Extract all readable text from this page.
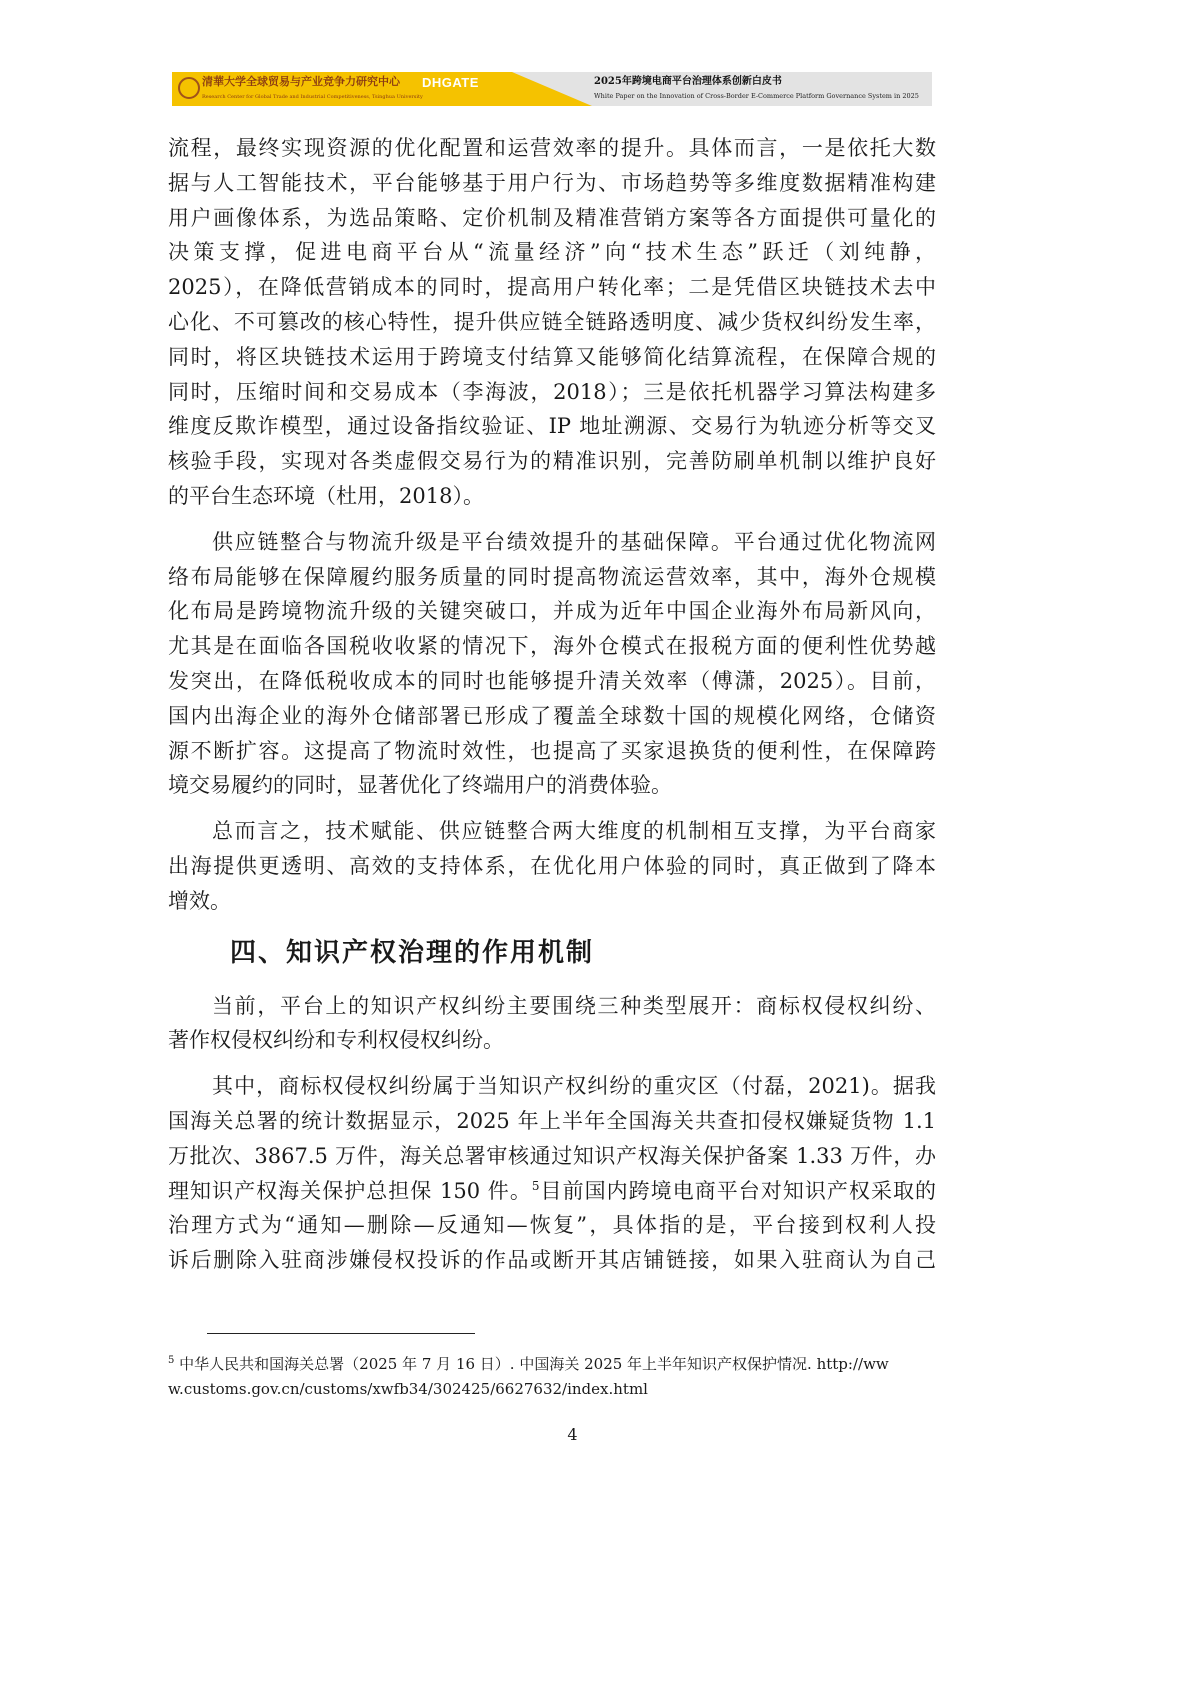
清華大学全球贸易与产业竞争力研究中心
Research Center for Global Trade and Industrial Competitiveness, Tsinghua University
DHGATE	2025年跨境电商平台治理体系创新白皮书
White Paper on the Innovation of Cross-Border E-Commerce Platform Governance System in 2025
流程，最终实现资源的优化配置和运营效率的提升。具体而言，一是依托大数
据与人工智能技术，平台能够基于用户行为、市场趋势等多维度数据精准构建
用户画像体系，为选品策略、定价机制及精准营销方案等各方面提供可量化的
决策支撑，促进电商平台从“流量经济”向“技术生态”跃迁（刘纯静，
2025），在降低营销成本的同时，提高用户转化率；二是凭借区块链技术去中
心化、不可篡改的核心特性，提升供应链全链路透明度、减少货权纠纷发生率，
同时，将区块链技术运用于跨境支付结算又能够简化结算流程，在保障合规的
同时，压缩时间和交易成本（李海波，2018）；三是依托机器学习算法构建多
维度反欺诈模型，通过设备指纹验证、IP 地址溯源、交易行为轨迹分析等交叉
核验手段，实现对各类虚假交易行为的精准识别，完善防刷单机制以维护良好
的平台生态环境（杜用，2018）。
供应链整合与物流升级是平台绩效提升的基础保障。平台通过优化物流网
络布局能够在保障履约服务质量的同时提高物流运营效率，其中，海外仓规模
化布局是跨境物流升级的关键突破口，并成为近年中国企业海外布局新风向，
尤其是在面临各国税收收紧的情况下，海外仓模式在报税方面的便利性优势越
发突出，在降低税收成本的同时也能够提升清关效率（傅潇，2025）。目前，
国内出海企业的海外仓储部署已形成了覆盖全球数十国的规模化网络，仓储资
源不断扩容。这提高了物流时效性，也提高了买家退换货的便利性，在保障跨
境交易履约的同时，显著优化了终端用户的消费体验。
总而言之，技术赋能、供应链整合两大维度的机制相互支撑，为平台商家
出海提供更透明、高效的支持体系，在优化用户体验的同时，真正做到了降本
增效。
四、知识产权治理的作用机制
当前，平台上的知识产权纠纷主要围绕三种类型展开：商标权侵权纠纷、
著作权侵权纠纷和专利权侵权纠纷。
其中，商标权侵权纠纷属于当知识产权纠纷的重灾区（付磊，2021)。据我
国海关总署的统计数据显示，2025 年上半年全国海关共查扣侵权嫌疑货物 1.1
万批次、3867.5 万件，海关总署审核通过知识产权海关保护备案 1.33 万件，办
理知识产权海关保护总担保 150 件。$^5$目前国内跨境电商平台对知识产权采取的
治理方式为“通知—删除—反通知—恢复”，具体指的是，平台接到权利人投
诉后删除入驻商涉嫌侵权投诉的作品或断开其店铺链接，如果入驻商认为自己
$^5$ 中华人民共和国海关总署（2025 年 7 月 16 日）. 中国海关 2025 年上半年知识产权保护情况. http://ww
w.customs.gov.cn/customs/xwfb34/302425/6627632/index.html
4
